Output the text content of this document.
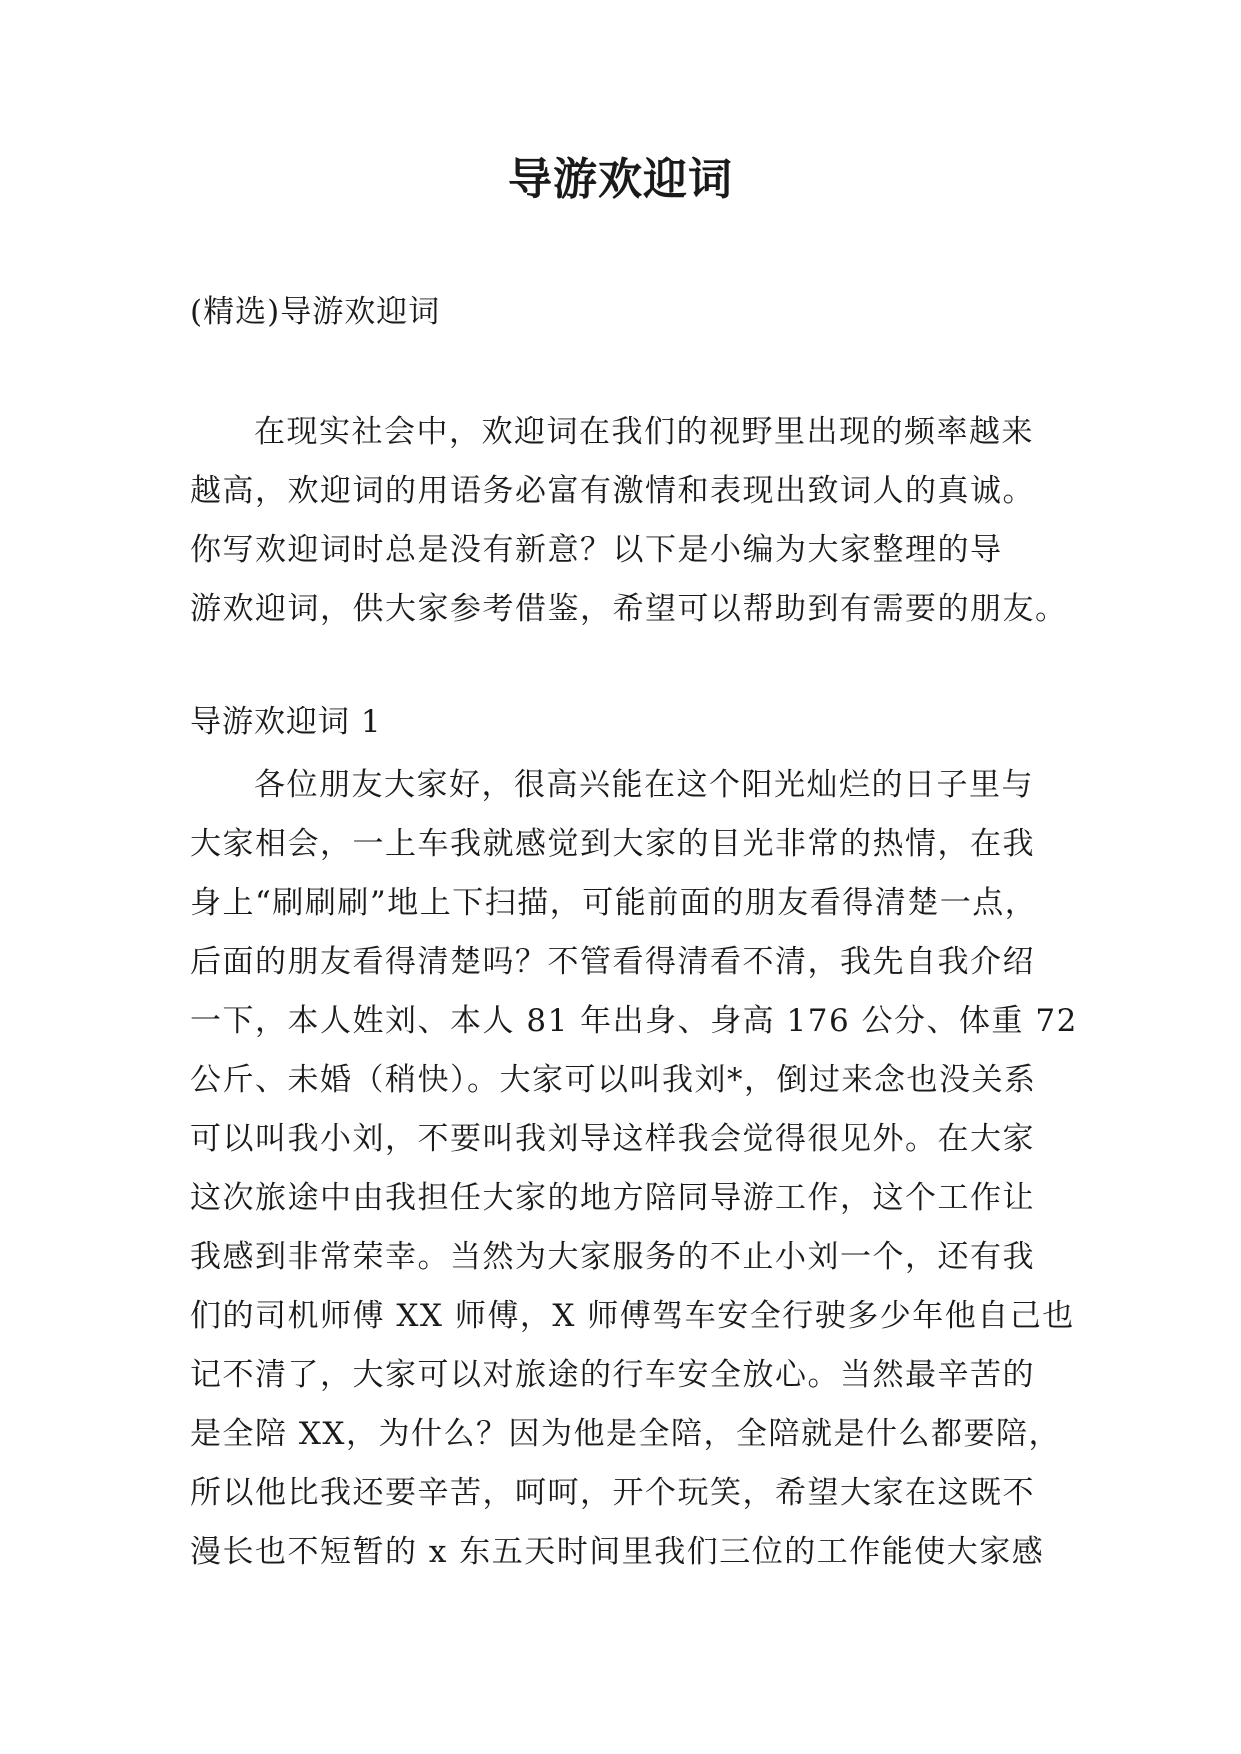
导游欢迎词
(精选)导游欢迎词
在现实社会中，欢迎词在我们的视野里出现的频率越来
越高，欢迎词的用语务必富有激情和表现出致词人的真诚。
你写欢迎词时总是没有新意？以下是小编为大家整理的导
游欢迎词，供大家参考借鉴，希望可以帮助到有需要的朋友。
导游欢迎词 1
各位朋友大家好，很高兴能在这个阳光灿烂的日子里与
大家相会，一上车我就感觉到大家的目光非常的热情，在我
身上“刷刷刷”地上下扫描，可能前面的朋友看得清楚一点，
后面的朋友看得清楚吗？不管看得清看不清，我先自我介绍
一下，本人姓刘、本人 81 年出身、身高 176 公分、体重 72
公斤、未婚（稍快）。大家可以叫我刘*，倒过来念也没关系
可以叫我小刘，不要叫我刘导这样我会觉得很见外。在大家
这次旅途中由我担任大家的地方陪同导游工作，这个工作让
我感到非常荣幸。当然为大家服务的不止小刘一个，还有我
们的司机师傅 XX 师傅，X 师傅驾车安全行驶多少年他自己也
记不清了，大家可以对旅途的行车安全放心。当然最辛苦的
是全陪 XX，为什么？因为他是全陪，全陪就是什么都要陪，
所以他比我还要辛苦，呵呵，开个玩笑，希望大家在这既不
漫长也不短暂的 x 东五天时间里我们三位的工作能使大家感
